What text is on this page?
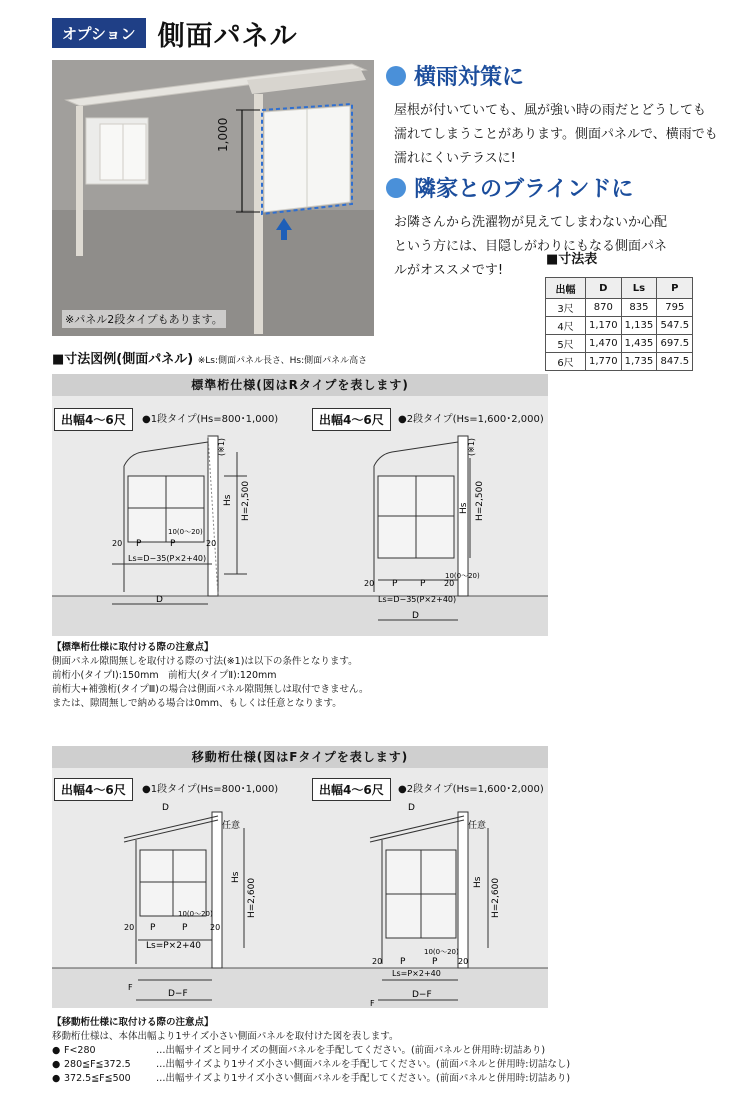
オプション 側面パネル
1,000
※パネル2段タイプもあります。
横雨対策に
屋根が付いていても、風が強い時の雨だとどうしても
濡れてしまうことがあります。側面パネルで、横雨でも
濡れにくいテラスに!
隣家とのブラインドに
お隣さんから洗濯物が見えてしまわないか心配
という方には、目隠しがわりにもなる側面パネ
ルがオススメです!
■寸法表
出幅	D	Ls	P
3尺	870	835	795
4尺	1,170	1,135	547.5
5尺	1,470	1,435	697.5
6尺	1,770	1,735	847.5
■寸法図例(側面パネル) ※Ls:側面パネル長さ、Hs:側面パネル高さ
標準桁仕様(図はRタイプを表します)
H=2,500
Hs
(※1)
P	P
20	20
10(0〜20)
Ls=D−35(P×2+40)
D
H=2,500
Hs
(※1)
P	P
20	20
10(0〜20)
Ls=D−35(P×2+40)
D
出幅4〜6尺	●1段タイプ(Hs=800･1,000)	出幅4〜6尺	●2段タイプ(Hs=1,600･2,000)
【標準桁仕様に取付ける際の注意点】
側面パネル隙間無しを取付ける際の寸法(※1)は以下の条件となります。
前桁小(タイプⅠ):150mm　前桁大(タイプⅡ):120mm
前桁大+補強桁(タイプⅢ)の場合は側面パネル隙間無しは取付できません。
または、隙間無しで納める場合は0mm、もしくは任意となります。
移動桁仕様(図はFタイプを表します)
D
任意
H=2,600
Hs
P	P
20	20
10(0〜20)
Ls=P×2+40
F
D−F
D
任意
H=2,600
Hs
P	P
20	20
10(0〜20)
Ls=P×2+40
F
D−F
出幅4〜6尺	●1段タイプ(Hs=800･1,000)	出幅4〜6尺	●2段タイプ(Hs=1,600･2,000)
【移動桁仕様に取付ける際の注意点】
移動桁仕様は、本体出幅より1サイズ小さい側面パネルを取付けた図を表します。
● F<280	…出幅サイズと同サイズの側面パネルを手配してください。(前面パネルと併用時:切詰あり)
● 280≦F≦372.5	…出幅サイズより1サイズ小さい側面パネルを手配してください。(前面パネルと併用時:切詰なし)
● 372.5≦F≦500	…出幅サイズより1サイズ小さい側面パネルを手配してください。(前面パネルと併用時:切詰あり)
